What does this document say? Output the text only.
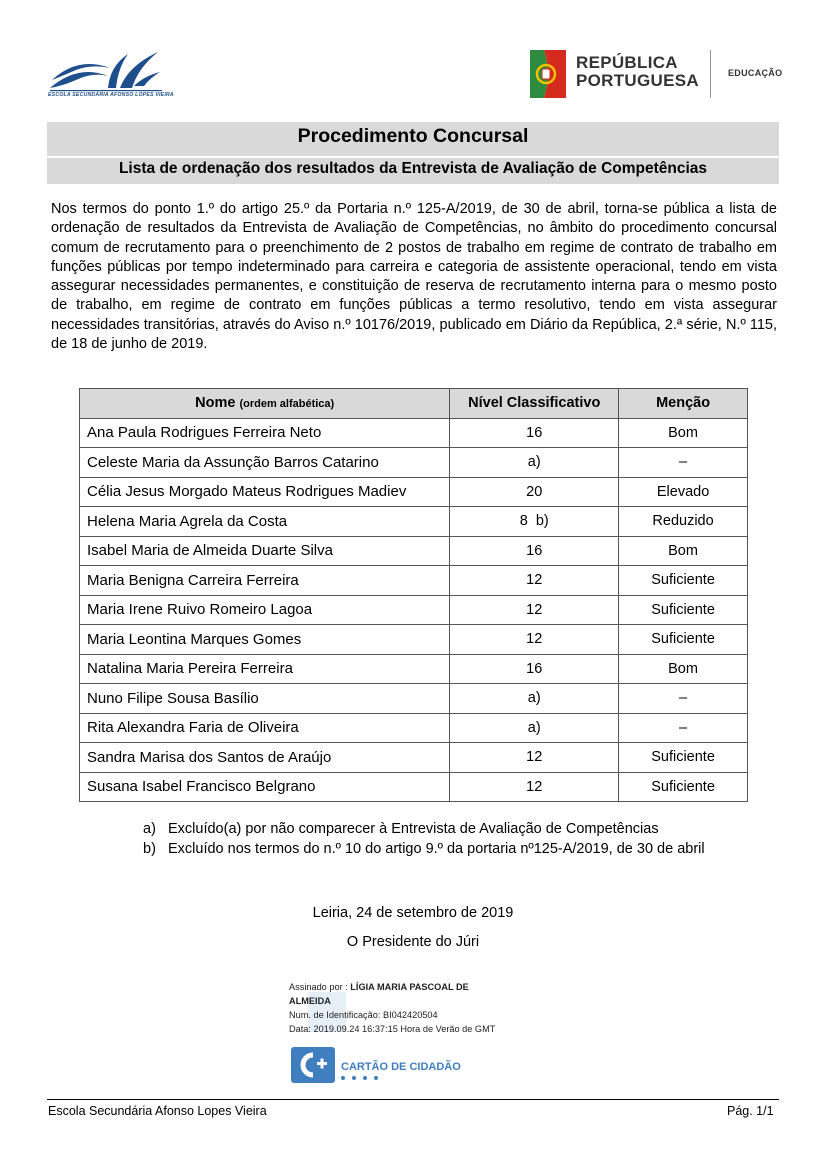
ESCOLA SECUNDÁRIA AFONSO LOPES VIEIRA
REPÚBLICA
PORTUGUESA	EDUCAÇÃO
Procedimento Concursal
Lista de ordenação dos resultados da Entrevista de Avaliação de Competências

Nos termos do ponto 1.º do artigo 25.º da Portaria n.º 125-A/2019, de 30 de abril, torna-se pública a lista de ordenação de resultados da Entrevista de Avaliação de Competências, no âmbito do procedimento concursal comum de recrutamento para o preenchimento de 2 postos de trabalho em regime de contrato de trabalho em funções públicas por tempo indeterminado para carreira e categoria de assistente operacional, tendo em vista assegurar necessidades permanentes, e constituição de reserva de recrutamento interna para o mesmo posto de trabalho, em regime de contrato em funções públicas a termo resolutivo, tendo em vista assegurar necessidades transitórias, através do Aviso n.º 10176/2019, publicado em Diário da República, 2.ª série, N.º 115, de 18 de junho de 2019.

Nome (ordem alfabética)	Nível Classificativo	Menção
Ana Paula Rodrigues Ferreira Neto	16	Bom
Celeste Maria da Assunção Barros Catarino	a)	–
Célia Jesus Morgado Mateus Rodrigues Madiev	20	Elevado
Helena Maria Agrela da Costa	8  b)	Reduzido
Isabel Maria de Almeida Duarte Silva	16	Bom
Maria Benigna Carreira Ferreira	12	Suficiente
Maria Irene Ruivo Romeiro Lagoa	12	Suficiente
Maria Leontina Marques Gomes	12	Suficiente
Natalina Maria Pereira Ferreira	16	Bom
Nuno Filipe Sousa Basílio	a)	–
Rita Alexandra Faria de Oliveira	a)	–
Sandra Marisa dos Santos de Araújo	12	Suficiente
Susana Isabel Francisco Belgrano	12	Suficiente
a) Excluído(a) por não comparecer à Entrevista de Avaliação de Competências
b) Excluído nos termos do n.º 10 do artigo 9.º da portaria nº125-A/2019, de 30 de abril
Leiria, 24 de setembro de 2019
O Presidente do Júri
Assinado por : LÍGIA MARIA PASCOAL DE
ALMEIDA
Num. de Identificação: BI042420504
Data: 2019.09.24 16:37:15 Hora de Verão de GMT
CARTÃO DE CIDADÃO
Escola Secundária Afonso Lopes Vieira	Pág. 1/1
